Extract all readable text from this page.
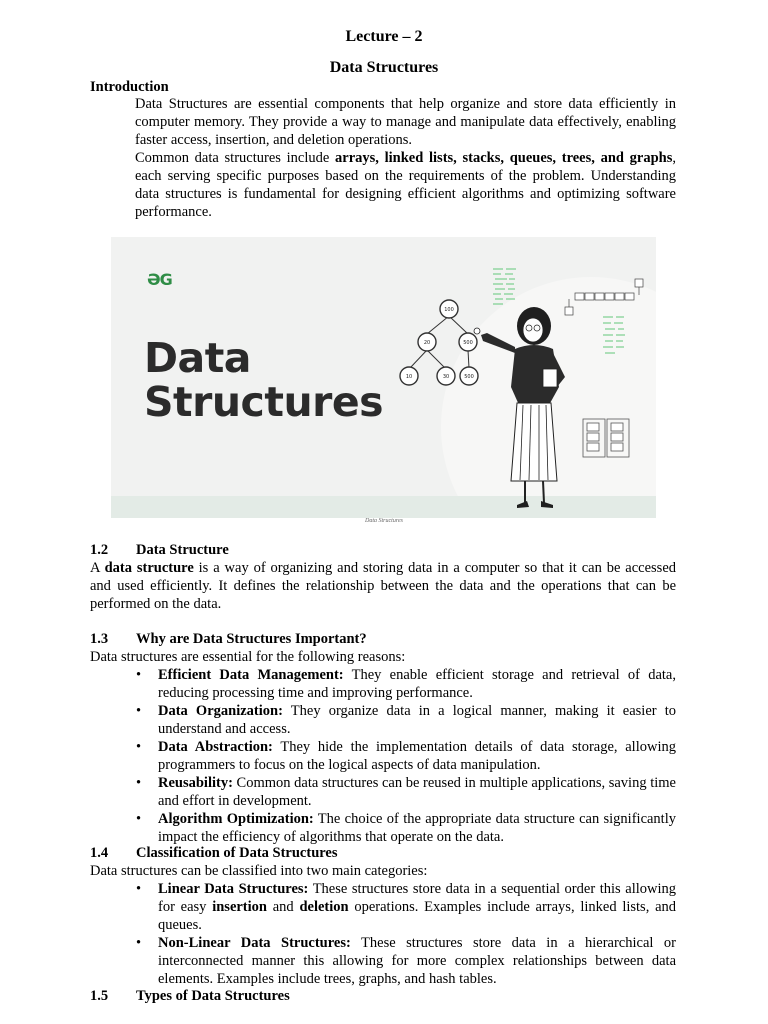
Lecture – 2
Data Structures
Introduction
Data Structures are essential components that help organize and store data efficiently in computer memory. They provide a way to manage and manipulate data effectively, enabling faster access, insertion, and deletion operations.
Common data structures include arrays, linked lists, stacks, queues, trees, and graphs, each serving specific purposes based on the requirements of the problem. Understanding data structures is fundamental for designing efficient algorithms and optimizing software performance.
ƏG
Data
Structures
100
20	500
10	30	500
Data Structures
1.2 Data Structure
A data structure is a way of organizing and storing data in a computer so that it can be accessed and used efficiently. It defines the relationship between the data and the operations that can be performed on the data.
1.3 Why are Data Structures Important?
Data structures are essential for the following reasons:
• Efficient Data Management: They enable efficient storage and retrieval of data, reducing processing time and improving performance.
• Data Organization: They organize data in a logical manner, making it easier to understand and access.
• Data Abstraction: They hide the implementation details of data storage, allowing programmers to focus on the logical aspects of data manipulation.
• Reusability: Common data structures can be reused in multiple applications, saving time and effort in development.
• Algorithm Optimization: The choice of the appropriate data structure can significantly impact the efficiency of algorithms that operate on the data.
1.4 Classification of Data Structures
Data structures can be classified into two main categories:
• Linear Data Structures: These structures store data in a sequential order this allowing for easy insertion and deletion operations. Examples include arrays, linked lists, and queues.
• Non-Linear Data Structures: These structures store data in a hierarchical or interconnected manner this allowing for more complex relationships between data elements. Examples include trees, graphs, and hash tables.
1.5 Types of Data Structures
